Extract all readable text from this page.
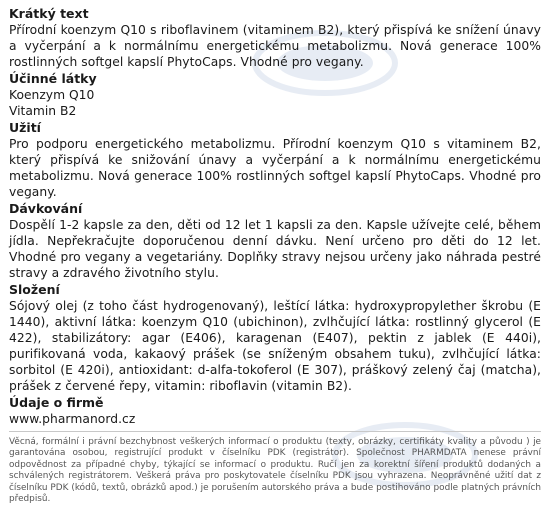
Krátký text

Přírodní koenzym Q10 s riboflavinem (vitaminem B2), který přispívá ke snížení únavy a vyčerpání a k normálnímu energetickému metabolizmu. Nová generace 100% rostlinných softgel kapslí PhytoCaps. Vhodné pro vegany.

Účinné látky

Koenzym Q10
Vitamin B2

Užití

Pro podporu energetického metabolizmu. Přírodní koenzym Q10 s vitaminem B2, který přispívá ke snižování únavy a vyčerpání a k normálnímu energetickému metabolizmu. Nová generace 100% rostlinných softgel kapslí PhytoCaps. Vhodné pro vegany.

Dávkování

Dospělí 1-2 kapsle za den, děti od 12 let 1 kapsli za den. Kapsle užívejte celé, během jídla. Nepřekračujte doporučenou denní dávku. Není určeno pro děti do 12 let. Vhodné pro vegany a vegetariány. Doplňky stravy nejsou určeny jako náhrada pestré stravy a zdravého životního stylu.

Složení

Sójový olej (z toho část hydrogenovaný), leštící látka: hydroxypropylether škrobu (E 1440), aktivní látka: koenzym Q10 (ubichinon), zvlhčující látka: rostlinný glycerol (E 422), stabilizátory: agar (E406), karagenan (E407), pektin z jablek (E 440i), purifikovaná voda, kakaový prášek (se sníženým obsahem tuku), zvlhčující látka: sorbitol (E 420i), antioxidant: d-alfa-tokoferol (E 307), práškový zelený čaj (matcha), prášek z červené řepy, vitamin: riboflavin (vitamin B2).

Údaje o firmě

www.pharmanord.cz

Věcná, formální i právní bezchybnost veškerých informací o produktu (texty, obrázky, certifikáty kvality a původu ) je garantována osobou, registrující produkt v číselníku PDK (registrátor). Společnost PHARMDATA nenese právní odpovědnost za případné chyby, týkající se informací o produktu. Ručí jen za korektní šíření produktů dodaných a schválených registrátorem. Veškerá práva pro poskytovatele číselníku PDK jsou vyhrazena. Neoprávněné užití dat z číselníku PDK (kódů, textů, obrázků apod.) je porušením autorského práva a bude postihováno podle platných právních předpisů.
